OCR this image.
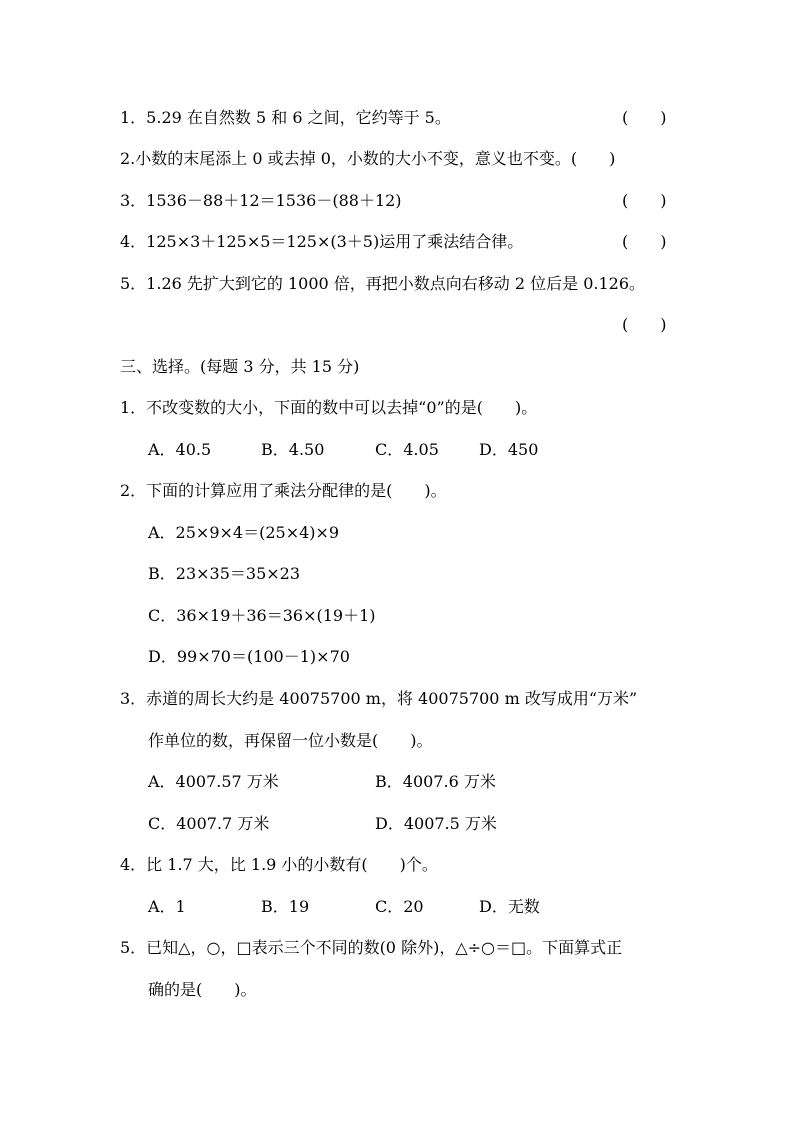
1．5.29 在自然数 5 和 6 之间，它约等于 5。	(　　)
2.小数的末尾添上 0 或去掉 0，小数的大小不变，意义也不变。(　　)
3．1536－88＋12＝1536－(88＋12)	(　　)
4．125×3＋125×5＝125×(3＋5)运用了乘法结合律。	(　　)
5．1.26 先扩大到它的 1000 倍，再把小数点向右移动 2 位后是 0.126。
(　　)
三、选择。(每题 3 分，共 15 分)
1．不改变数的大小，下面的数中可以去掉“0”的是(　　)。
A．40.5	B．4.50	C．4.05	D．450
2．下面的计算应用了乘法分配律的是(　　)。
A．25×9×4＝(25×4)×9
B．23×35＝35×23
C．36×19＋36＝36×(19＋1)
D．99×70＝(100－1)×70
3．赤道的周长大约是 40075700 m，将 40075700 m 改写成用“万米”
作单位的数，再保留一位小数是(　　)。
A．4007.57 万米	B．4007.6 万米
C．4007.7 万米	D．4007.5 万米
4．比 1.7 大，比 1.9 小的小数有(　　)个。
A．1	B．19	C．20	D．无数
5．已知△，○，□表示三个不同的数(0 除外)，△÷○＝□。下面算式正
确的是(　　)。
